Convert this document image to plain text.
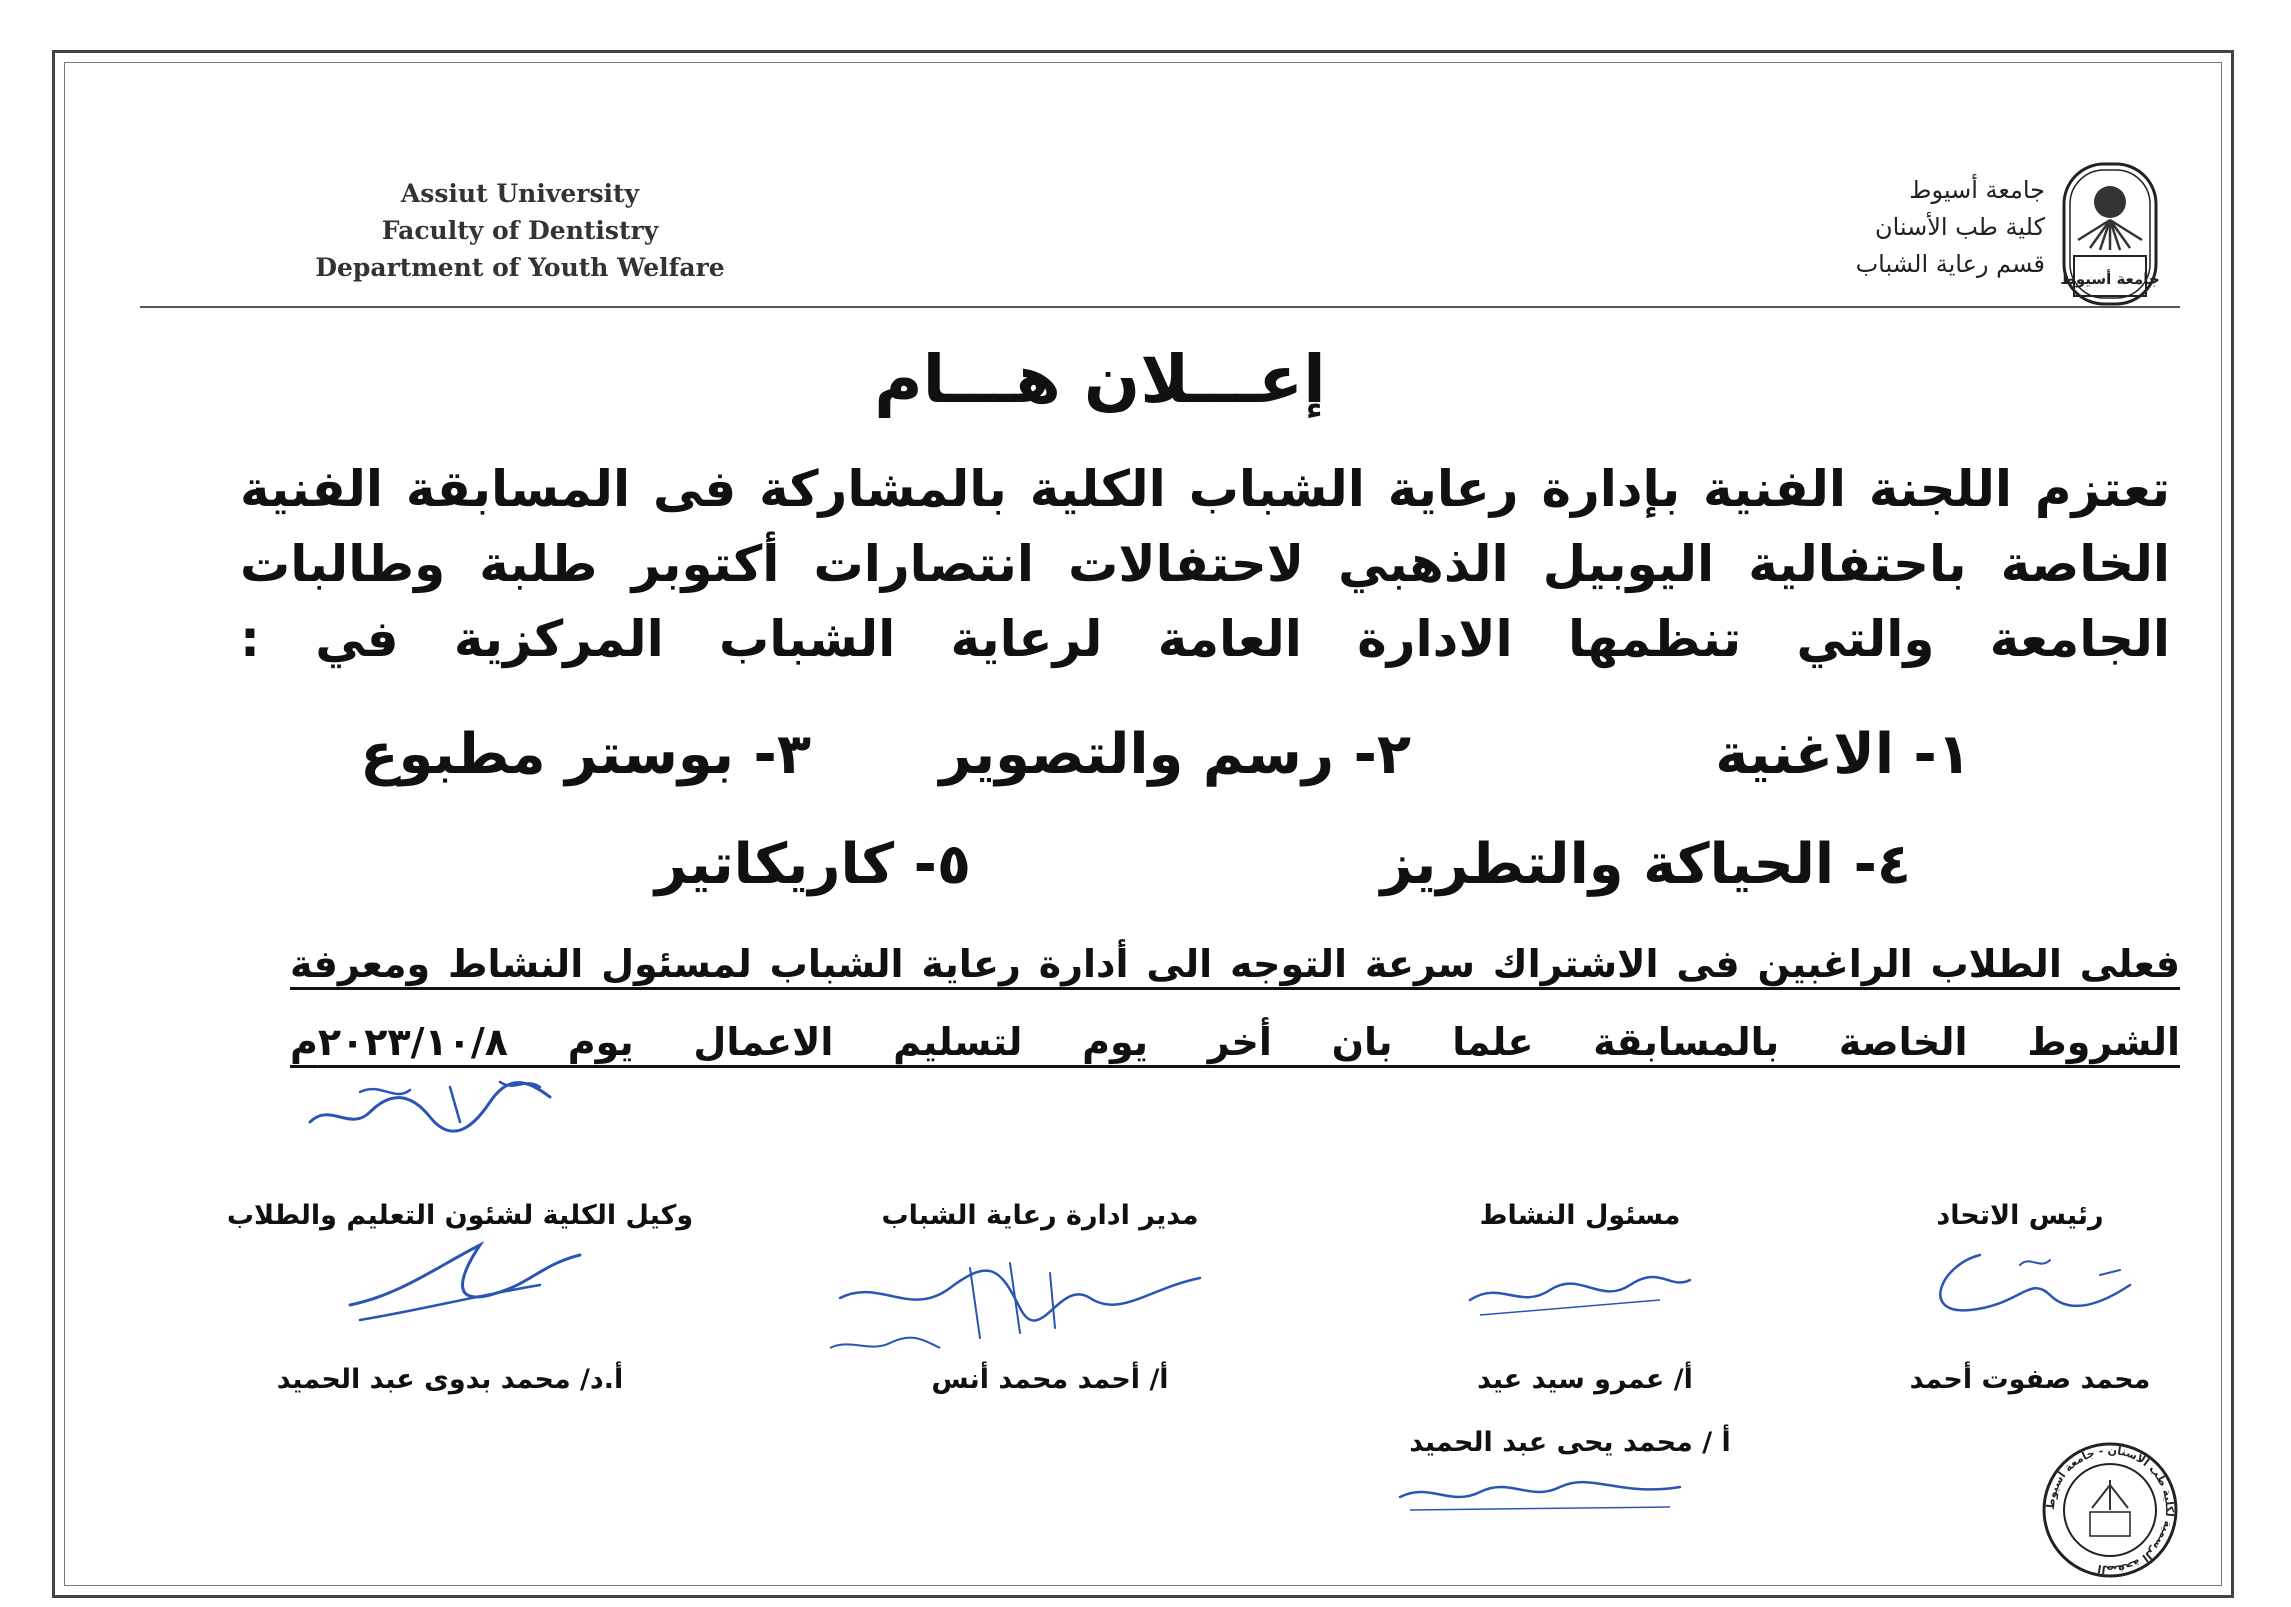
Assiut University
Faculty of Dentistry
Department of Youth Welfare
جامعة أسيوط
كلية طب الأسنان
قسم رعاية الشباب
جامعة أسيوط
إعـــلان هـــام
تعتزم اللجنة الفنية بإدارة رعاية الشباب الكلية بالمشاركة فى المسابقة الفنية
الخاصة باحتفالية اليوبيل الذهبي لاحتفالات انتصارات أكتوبر طلبة وطالبات
الجامعة والتي تنظمها الادارة العامة لرعاية الشباب المركزية في :
١- الاغنية
٢- رسم والتصوير
٣- بوستر مطبوع
٤- الحياكة والتطريز
٥- كاريكاتير
فعلى الطلاب الراغبين فى الاشتراك سرعة التوجه الى أدارة رعاية الشباب لمسئول النشاط ومعرفة
الشروط الخاصة بالمسابقة علما بان أخر يوم لتسليم الاعمال يوم ٢٠٢٣/١٠/٨م
رئيس الاتحاد
مسئول النشاط
مدير ادارة رعاية الشباب
وكيل الكلية لشئون التعليم والطلاب
محمد صفوت أحمد
أ/ عمرو سيد عيد
أ/ أحمد محمد أنس
أ.د/ محمد بدوى عبد الحميد
أ / محمد يحى عبد الحميد
الصفحة الرسمية لكلية طب الأسنان - جامعة أسيوط
